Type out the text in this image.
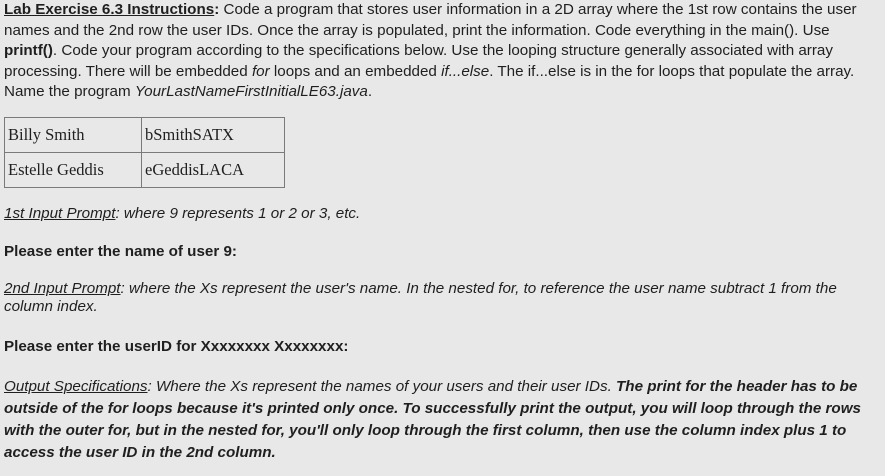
Lab Exercise 6.3 Instructions: Code a program that stores user information in a 2D array where the 1st row contains the user names and the 2nd row the user IDs. Once the array is populated, print the information. Code everything in the main(). Use printf(). Code your program according to the specifications below. Use the looping structure generally associated with array processing. There will be embedded for loops and an embedded if...else. The if...else is in the for loops that populate the array. Name the program YourLastNameFirstInitialLE63.java.

Billy Smith	bSmithSATX
Estelle Geddis	eGeddisLACA

1st Input Prompt: where 9 represents 1 or 2 or 3, etc.

Please enter the name of user 9:

2nd Input Prompt: where the Xs represent the user's name. In the nested for, to reference the user name subtract 1 from the column index.

Please enter the userID for Xxxxxxxx Xxxxxxxx:

Output Specifications: Where the Xs represent the names of your users and their user IDs. The print for the header has to be outside of the for loops because it's printed only once. To successfully print the output, you will loop through the rows with the outer for, but in the nested for, you'll only loop through the first column, then use the column index plus 1 to access the user ID in the 2nd column.
